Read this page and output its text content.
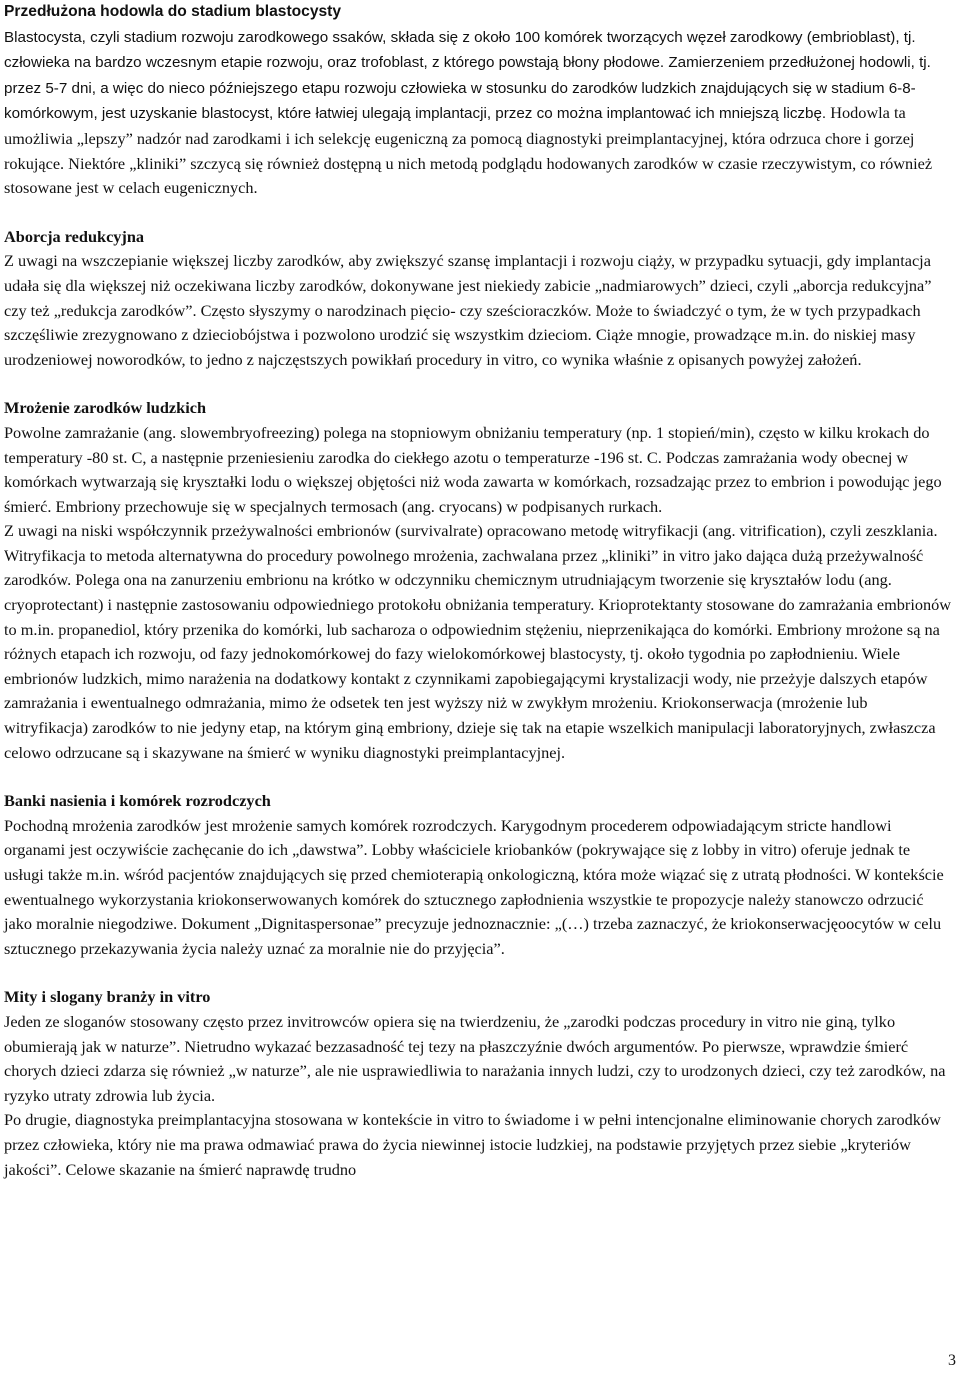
Przedłużona hodowla do stadium blastocysty

Blastocysta, czyli stadium rozwoju zarodkowego ssaków, składa się z około 100 komórek tworzących węzeł zarodkowy (embrioblast), tj. człowieka na bardzo wczesnym etapie rozwoju, oraz trofoblast, z którego powstają błony płodowe. Zamierzeniem przedłużonej hodowli, tj. przez 5-7 dni, a więc do nieco późniejszego etapu rozwoju człowieka w stosunku do zarodków ludzkich znajdujących się w stadium 6-8-komórkowym, jest uzyskanie blastocyst, które łatwiej ulegają implantacji, przez co można implantować ich mniejszą liczbę. Hodowla ta umożliwia „lepszy” nadzór nad zarodkami i ich selekcję eugeniczną za pomocą diagnostyki preimplantacyjnej, która odrzuca chore i gorzej rokujące. Niektóre „kliniki” szczycą się również dostępną u nich metodą podglądu hodowanych zarodków w czasie rzeczywistym, co również stosowane jest w celach eugenicznych.

Aborcja redukcyjna

Z uwagi na wszczepianie większej liczby zarodków, aby zwiększyć szansę implantacji i rozwoju ciąży, w przypadku sytuacji, gdy implantacja udała się dla większej niż oczekiwana liczby zarodków, dokonywane jest niekiedy zabicie „nadmiarowych” dzieci, czyli „aborcja redukcyjna” czy też „redukcja zarodków”. Często słyszymy o narodzinach pięcio- czy sześcioraczków. Może to świadczyć o tym, że w tych przypadkach szczęśliwie zrezygnowano z dzieciobójstwa i pozwolono urodzić się wszystkim dzieciom. Ciąże mnogie, prowadzące m.in. do niskiej masy urodzeniowej noworodków, to jedno z najczęstszych powikłań procedury in vitro, co wynika właśnie z opisanych powyżej założeń.

Mrożenie zarodków ludzkich

Powolne zamrażanie (ang. slowembryofreezing) polega na stopniowym obniżaniu temperatury (np. 1 stopień/min), często w kilku krokach do temperatury -80 st. C, a następnie przeniesieniu zarodka do ciekłego azotu o temperaturze -196 st. C. Podczas zamrażania wody obecnej w komórkach wytwarzają się kryształki lodu o większej objętości niż woda zawarta w komórkach, rozsadzając przez to embrion i powodując jego śmierć. Embriony przechowuje się w specjalnych termosach (ang. cryocans) w podpisanych rurkach.

Z uwagi na niski współczynnik przeżywalności embrionów (survivalrate) opracowano metodę witryfikacji (ang. vitrification), czyli zeszklania. Witryfikacja to metoda alternatywna do procedury powolnego mrożenia, zachwalana przez „kliniki” in vitro jako dająca dużą przeżywalność zarodków. Polega ona na zanurzeniu embrionu na krótko w odczynniku chemicznym utrudniającym tworzenie się kryształów lodu (ang. cryoprotectant) i następnie zastosowaniu odpowiedniego protokołu obniżania temperatury. Krioprotektanty stosowane do zamrażania embrionów to m.in. propanediol, który przenika do komórki, lub sacharoza o odpowiednim stężeniu, nieprzenikająca do komórki. Embriony mrożone są na różnych etapach ich rozwoju, od fazy jednokomórkowej do fazy wielokomórkowej blastocysty, tj. około tygodnia po zapłodnieniu. Wiele embrionów ludzkich, mimo narażenia na dodatkowy kontakt z czynnikami zapobiegającymi krystalizacji wody, nie przeżyje dalszych etapów zamrażania i ewentualnego odmrażania, mimo że odsetek ten jest wyższy niż w zwykłym mrożeniu. Kriokonserwacja (mrożenie lub witryfikacja) zarodków to nie jedyny etap, na którym giną embriony, dzieje się tak na etapie wszelkich manipulacji laboratoryjnych, zwłaszcza celowo odrzucane są i skazywane na śmierć w wyniku diagnostyki preimplantacyjnej.

Banki nasienia i komórek rozrodczych

Pochodną mrożenia zarodków jest mrożenie samych komórek rozrodczych. Karygodnym procederem odpowiadającym stricte handlowi organami jest oczywiście zachęcanie do ich „dawstwa”. Lobby właściciele kriobanków (pokrywające się z lobby in vitro) oferuje jednak te usługi także m.in. wśród pacjentów znajdujących się przed chemioterapią onkologiczną, która może wiązać się z utratą płodności. W kontekście ewentualnego wykorzystania kriokonserwowanych komórek do sztucznego zapłodnienia wszystkie te propozycje należy stanowczo odrzucić jako moralnie niegodziwe. Dokument „Dignitaspersonae” precyzuje jednoznacznie: „(…) trzeba zaznaczyć, że kriokonserwacjęoocytów w celu sztucznego przekazywania życia należy uznać za moralnie nie do przyjęcia”.

Mity i slogany branży in vitro

Jeden ze sloganów stosowany często przez invitrowców opiera się na twierdzeniu, że „zarodki podczas procedury in vitro nie giną, tylko obumierają jak w naturze”. Nietrudno wykazać bezzasadność tej tezy na płaszczyźnie dwóch argumentów. Po pierwsze, wprawdzie śmierć chorych dzieci zdarza się również „w naturze”, ale nie usprawiedliwia to narażania innych ludzi, czy to urodzonych dzieci, czy też zarodków, na ryzyko utraty zdrowia lub życia.

Po drugie, diagnostyka preimplantacyjna stosowana w kontekście in vitro to świadome i w pełni intencjonalne eliminowanie chorych zarodków przez człowieka, który nie ma prawa odmawiać prawa do życia niewinnej istocie ludzkiej, na podstawie przyjętych przez siebie „kryteriów jakości”. Celowe skazanie na śmierć naprawdę trudno

3
